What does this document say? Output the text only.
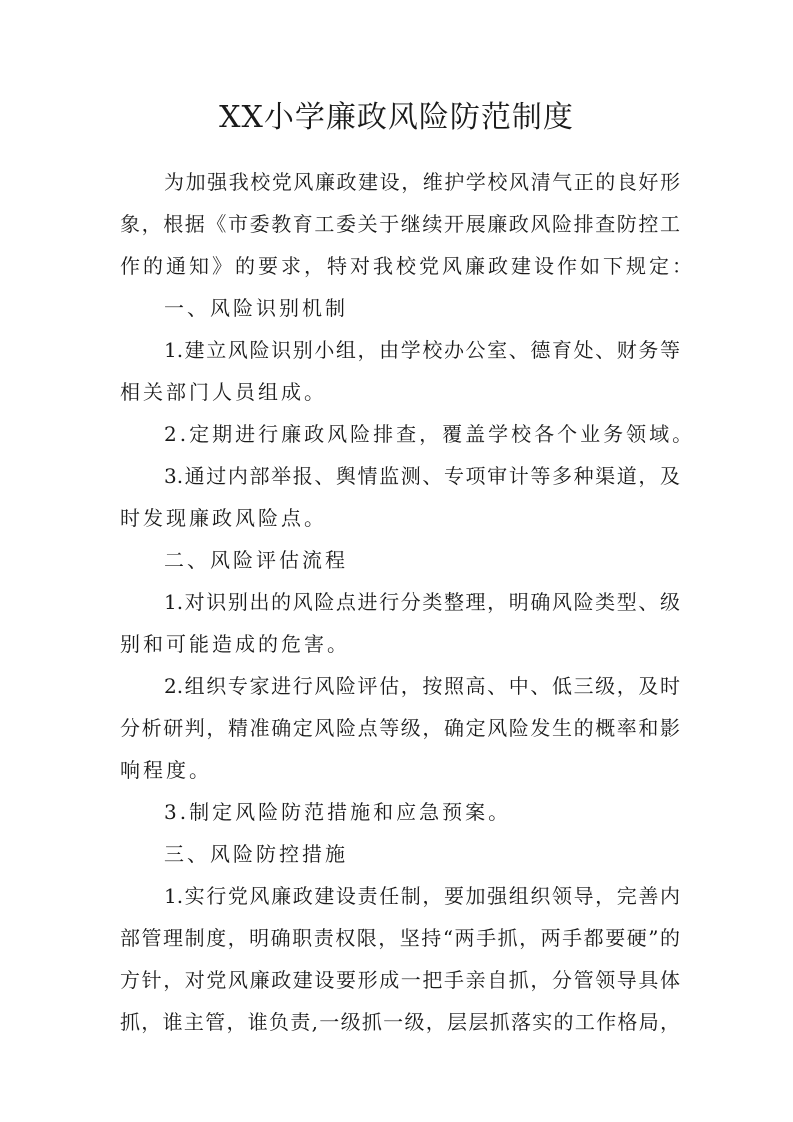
XX小学廉政风险防范制度
为加强我校党风廉政建设，维护学校风清气正的良好形
象，根据《市委教育工委关于继续开展廉政风险排查防控工
作的通知》的要求，特对我校党风廉政建设作如下规定：
一、风险识别机制
1.建立风险识别小组，由学校办公室、德育处、财务等
相关部门人员组成。
2.定期进行廉政风险排查，覆盖学校各个业务领域。
3.通过内部举报、舆情监测、专项审计等多种渠道，及
时发现廉政风险点。
二、风险评估流程
1.对识别出的风险点进行分类整理，明确风险类型、级
别和可能造成的危害。
2.组织专家进行风险评估，按照高、中、低三级，及时
分析研判，精准确定风险点等级，确定风险发生的概率和影
响程度。
3.制定风险防范措施和应急预案。
三、风险防控措施
1.实行党风廉政建设责任制，要加强组织领导，完善内
部管理制度，明确职责权限，坚持“两手抓，两手都要硬”的
方针，对党风廉政建设要形成一把手亲自抓，分管领导具体
抓，谁主管，谁负责,一级抓一级，层层抓落实的工作格局，
